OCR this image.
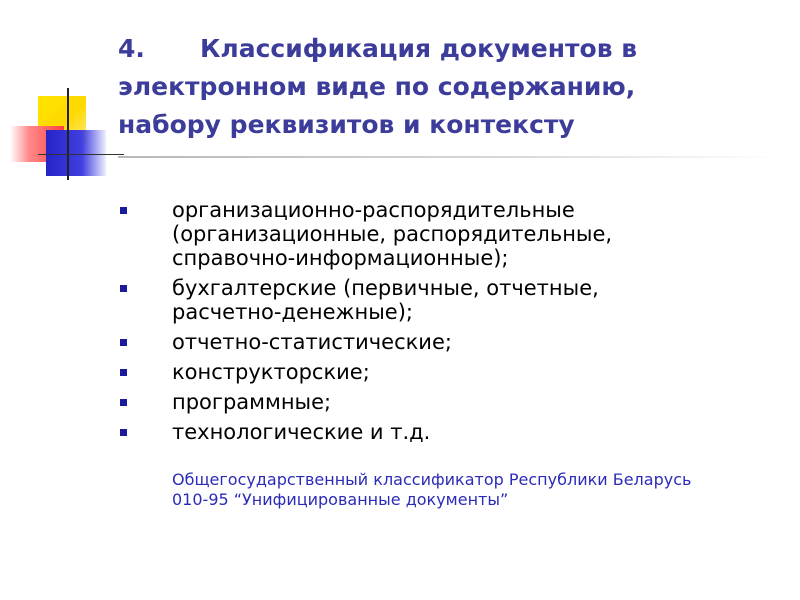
4. Классификация документов в
электронном виде по содержанию,
набору реквизитов и контексту
организационно-распорядительные
(организационные, распорядительные,
справочно-информационные);
бухгалтерские (первичные, отчетные,
расчетно-денежные);
отчетно-статистические;
конструкторские;
программные;
технологические и т.д.

Общегосударственный классификатор Республики Беларусь
010-95 “Унифицированные документы”
